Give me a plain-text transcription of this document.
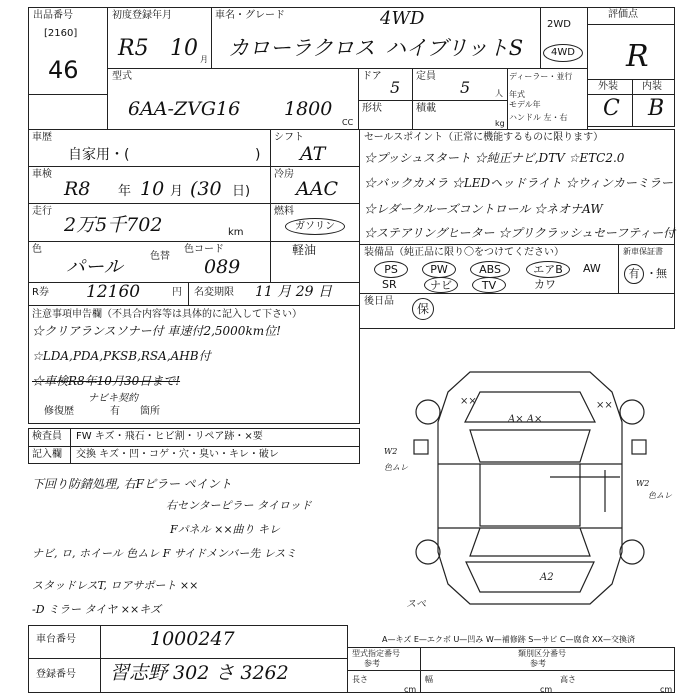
出品番号
[2160]
46
初度登録年月
R5 10 月
車名・グレード	4WD
カローラクロス ハイブリットS
2WD
4WD
評価点
R
外装 内装
C B
型式
6AA-ZVG16 1800
CC
ドア
5
定員
5	人
形状	積載
kg
ディーラー・並行
年式
モデル年
ハンドル 左・右
車歴
自家用・(	)
シフト
AT
車検
R8 年 10 月 (30 日)
冷房
AAC
走行
2万5千702	km
燃料
ガソリン
軽油
色
パール	色替
色コード
089
R券 12160	円 名変期限 11 月 29 日
セールスポイント（正常に機能するものに限ります）
☆プッシュスタート ☆純正ナビ,DTV ☆ETC2.0
☆バックカメラ ☆LEDヘッドライト ☆ウィンカーミラー
☆レダークルーズコントロール ☆ネオナAW
☆ステアリングヒーター ☆プリクラッシュセーフティー付
装備品（純正品に限り〇をつけてください）	新車保証書
PS	PW	ABS	エアB	AW
SR	ナビ	TV	カワ
有 ・ 無
後日品
保
注意事項申告欄（不具合内容等は具体的に記入して下さい）
☆クリアランスソナー付 車速付2,5000km位!
☆LDA,PDA,PKSB,RSA,AHB付
☆車検R8年10月30日まで!
ナビキ契約
修復歴	有 箇所
検査員 FW キズ・飛石・ヒビ割・リペア跡・×要
記入欄 交換 キズ・凹・コゲ・穴・臭い・キレ・破レ
下回り防錆処理, 右Fピラー ペイント
右センターピラー タイロッド
Fパネル ××曲り キレ
ナビ, ロ, ホイール 色ムレ F サイドメンバー先 レスミ
スタッドレスT, ロアサポート ××
-D ミラー タイヤ ××キズ
××
A× A×
××
A2
スペ
W2
色ムレ
W2
色ムレ
A—キズ E—エクボ U—凹み W—補修跡 S—サビ C—腐食 XX—交換済
車台番号	1000247
登録番号 習志野 302 さ 3262
型式指定番号
参考
類別区分番号
参考
長さ	幅	高さ
cm	cm	cm
